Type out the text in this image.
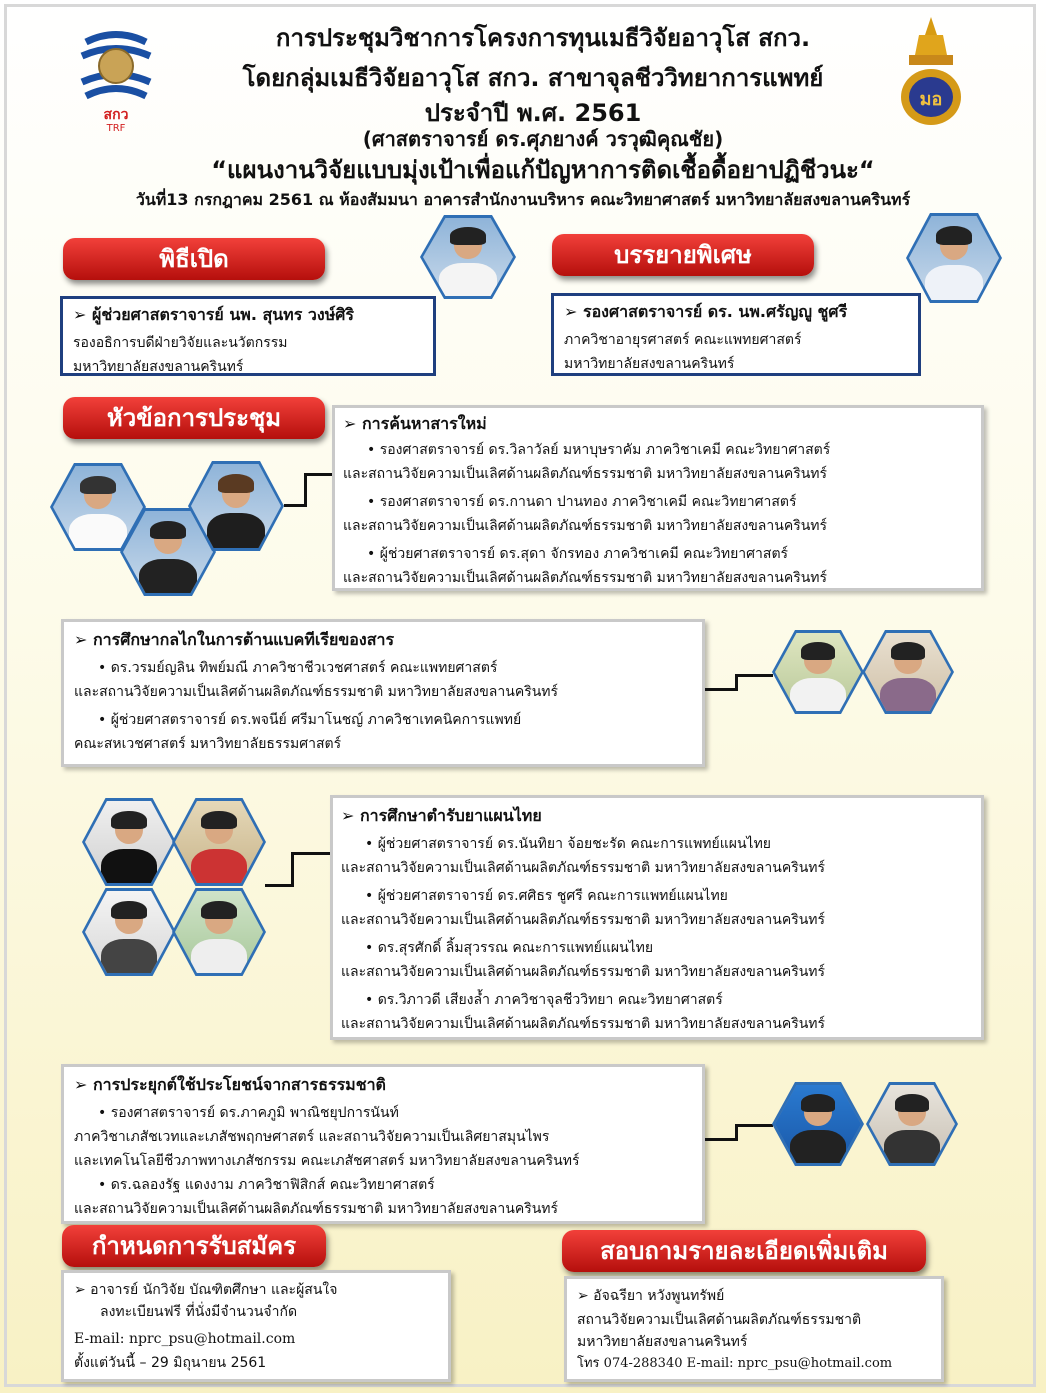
สกว
TRF
มอ
การประชุมวิชาการโครงการทุนเมธีวิจัยอาวุโส สกว.
โดยกลุ่มเมธีวิจัยอาวุโส สกว. สาขาจุลชีววิทยาการแพทย์
ประจำปี พ.ศ. 2561
(ศาสตราจารย์ ดร.ศุภยางค์ วรวุฒิคุณชัย)
“แผนงานวิจัยแบบมุ่งเป้าเพื่อแก้ปัญหาการติดเชื้อดื้อยาปฏิชีวนะ“
วันที่13 กรกฎาคม 2561 ณ ห้องสัมมนา อาคารสำนักงานบริหาร คณะวิทยาศาสตร์ มหาวิทยาลัยสงขลานครินทร์
พิธีเปิด
➢ ผู้ช่วยศาสตราจารย์ นพ. สุนทร วงษ์ศิริ
รองอธิการบดีฝ่ายวิจัยและนวัตกรรม
มหาวิทยาลัยสงขลานครินทร์
บรรยายพิเศษ
➢ รองศาสตราจารย์ ดร. นพ.ศรัญญู ชูศรี
ภาควิชาอายุรศาสตร์ คณะแพทยศาสตร์
มหาวิทยาลัยสงขลานครินทร์
หัวข้อการประชุม	➢ การค้นหาสารใหม่
• รองศาสตราจารย์ ดร.วิลาวัลย์ มหาบุษราคัม ภาควิชาเคมี คณะวิทยาศาสตร์
และสถานวิจัยความเป็นเลิศด้านผลิตภัณฑ์ธรรมชาติ มหาวิทยาลัยสงขลานครินทร์
• รองศาสตราจารย์ ดร.กานดา ปานทอง ภาควิชาเคมี คณะวิทยาศาสตร์
และสถานวิจัยความเป็นเลิศด้านผลิตภัณฑ์ธรรมชาติ มหาวิทยาลัยสงขลานครินทร์
• ผู้ช่วยศาสตราจารย์ ดร.สุดา จักรทอง ภาควิชาเคมี คณะวิทยาศาสตร์
และสถานวิจัยความเป็นเลิศด้านผลิตภัณฑ์ธรรมชาติ มหาวิทยาลัยสงขลานครินทร์
➢ การศึกษากลไกในการต้านแบคทีเรียของสาร
• ดร.วรมย์ญลิน ทิพย์มณี ภาควิชาชีวเวชศาสตร์ คณะแพทยศาสตร์
และสถานวิจัยความเป็นเลิศด้านผลิตภัณฑ์ธรรมชาติ มหาวิทยาลัยสงขลานครินทร์
• ผู้ช่วยศาสตราจารย์ ดร.พจนีย์ ศรีมาโนชญ์ ภาควิชาเทคนิคการแพทย์
คณะสหเวชศาสตร์ มหาวิทยาลัยธรรมศาสตร์
➢ การศึกษาตำรับยาแผนไทย
• ผู้ช่วยศาสตราจารย์ ดร.นันทิยา จ้อยชะรัด คณะการแพทย์แผนไทย
และสถานวิจัยความเป็นเลิศด้านผลิตภัณฑ์ธรรมชาติ มหาวิทยาลัยสงขลานครินทร์
• ผู้ช่วยศาสตราจารย์ ดร.ศศิธร ชูศรี คณะการแพทย์แผนไทย
และสถานวิจัยความเป็นเลิศด้านผลิตภัณฑ์ธรรมชาติ มหาวิทยาลัยสงขลานครินทร์
• ดร.สุรศักดิ์ ลิ้มสุวรรณ คณะการแพทย์แผนไทย
และสถานวิจัยความเป็นเลิศด้านผลิตภัณฑ์ธรรมชาติ มหาวิทยาลัยสงขลานครินทร์
• ดร.วิภาวดี เสียงล้ำ ภาควิชาจุลชีววิทยา คณะวิทยาศาสตร์
และสถานวิจัยความเป็นเลิศด้านผลิตภัณฑ์ธรรมชาติ มหาวิทยาลัยสงขลานครินทร์
➢ การประยุกต์ใช้ประโยชน์จากสารธรรมชาติ
• รองศาสตราจารย์ ดร.ภาคภูมิ พาณิชยุปการนันท์
ภาควิชาเภสัชเวทและเภสัชพฤกษศาสตร์ และสถานวิจัยความเป็นเลิศยาสมุนไพร
และเทคโนโลยีชีวภาพทางเภสัชกรรม คณะเภสัชศาสตร์ มหาวิทยาลัยสงขลานครินทร์
• ดร.ฉลองรัฐ แดงงาม ภาควิชาฟิสิกส์ คณะวิทยาศาสตร์
และสถานวิจัยความเป็นเลิศด้านผลิตภัณฑ์ธรรมชาติ มหาวิทยาลัยสงขลานครินทร์
กำหนดการรับสมัคร
➢ อาจารย์ นักวิจัย บัณฑิตศึกษา และผู้สนใจ
ลงทะเบียนฟรี ที่นั่งมีจำนวนจำกัด
E-mail: nprc_psu@hotmail.com
ตั้งแต่วันนี้ – 29 มิถุนายน 2561
สอบถามรายละเอียดเพิ่มเติม
➢ อัจฉรียา หวังพูนทรัพย์
สถานวิจัยความเป็นเลิศด้านผลิตภัณฑ์ธรรมชาติ
มหาวิทยาลัยสงขลานครินทร์
โทร 074-288340 E-mail: nprc_psu@hotmail.com
